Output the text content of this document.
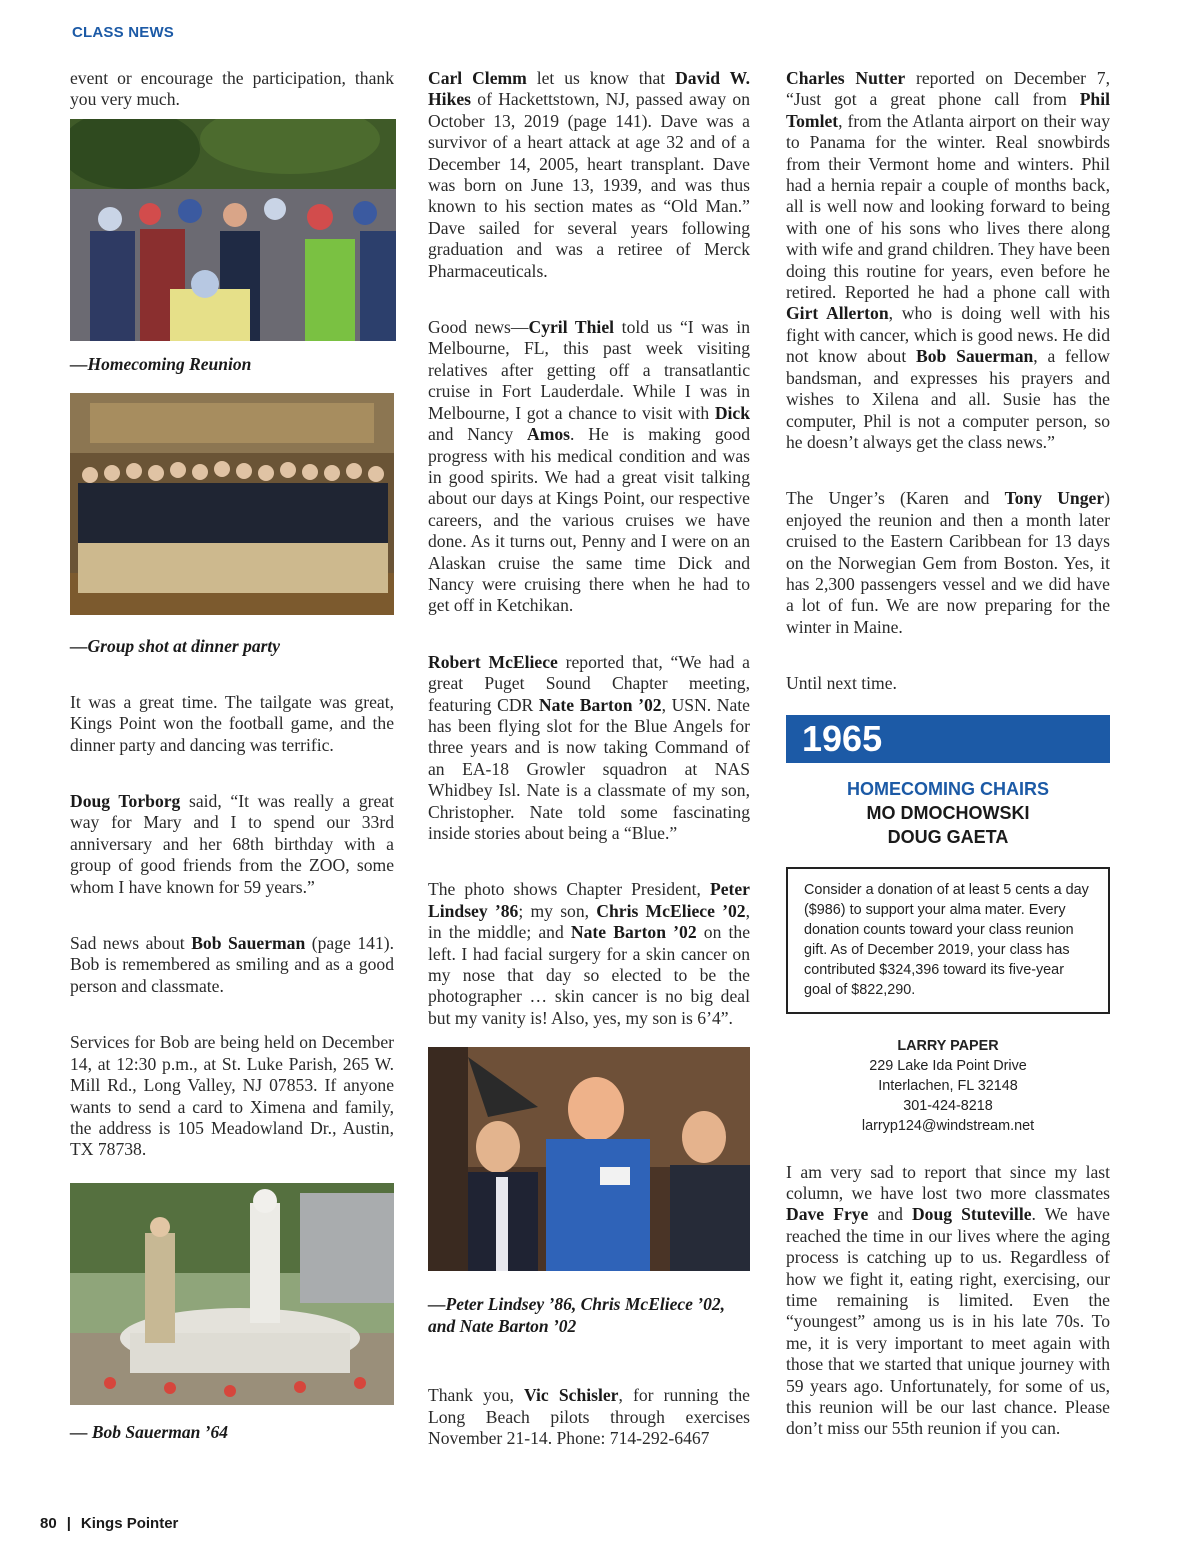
CLASS NEWS

event or encourage the participation, thank you very much.

—Homecoming Reunion
—Group shot at dinner party

It was a great time. The tailgate was great, Kings Point won the football game, and the dinner party and dancing was terrific.

Doug Torborg said, “It was really a great way for Mary and I to spend our 33rd anniversary and her 68th birthday with a group of good friends from the ZOO, some whom I have known for 59 years.”

Sad news about Bob Sauerman (page 141). Bob is remembered as smiling and as a good person and classmate.

Services for Bob are being held on December 14, at 12:30 p.m., at St. Luke Parish, 265 W. Mill Rd., Long Valley, NJ 07853. If anyone wants to send a card to Ximena and family, the address is 105 Meadowland Dr., Austin, TX 78738.

— Bob Sauerman ’64

Carl Clemm let us know that David W. Hikes of Hackettstown, NJ, passed away on October 13, 2019 (page 141). Dave was a survivor of a heart attack at age 32 and of a December 14, 2005, heart transplant. Dave was born on June 13, 1939, and was thus known to his section mates as “Old Man.” Dave sailed for several years following graduation and was a retiree of Merck Pharmaceuticals.

Good news—Cyril Thiel told us “I was in Melbourne, FL, this past week visiting relatives after getting off a transatlantic cruise in Fort Lauderdale. While I was in Melbourne, I got a chance to visit with Dick and Nancy Amos. He is making good progress with his medical condition and was in good spirits. We had a great visit talking about our days at Kings Point, our respective careers, and the various cruises we have done. As it turns out, Penny and I were on an Alaskan cruise the same time Dick and Nancy were cruising there when he had to get off in Ketchikan.

Robert McEliece reported that, “We had a great Puget Sound Chapter meeting, featuring CDR Nate Barton ’02, USN. Nate has been flying slot for the Blue Angels for three years and is now taking Command of an EA-18 Growler squadron at NAS Whidbey Isl. Nate is a classmate of my son, Christopher. Nate told some fascinating inside stories about being a “Blue.”

The photo shows Chapter President, Peter Lindsey ’86; my son, Chris McEliece ’02, in the middle; and Nate Barton ’02 on the left. I had facial surgery for a skin cancer on my nose that day so elected to be the photographer … skin cancer is no big deal but my vanity is! Also, yes, my son is 6’4”.

—Peter Lindsey ’86, Chris McEliece ’02, and Nate Barton ’02

Thank you, Vic Schisler, for running the Long Beach pilots through exercises November 21-14. Phone: 714-292-6467

Charles Nutter reported on December 7, “Just got a great phone call from Phil Tomlet, from the Atlanta airport on their way to Panama for the winter. Real snowbirds from their Vermont home and winters. Phil had a hernia repair a couple of months back, all is well now and looking forward to being with one of his sons who lives there along with wife and grand children. They have been doing this routine for years, even before he retired. Reported he had a phone call with Girt Allerton, who is doing well with his fight with cancer, which is good news. He did not know about Bob Sauerman, a fellow bandsman, and expresses his prayers and wishes to Xilena and all. Susie has the computer, Phil is not a computer person, so he doesn’t always get the class news.”

The Unger’s (Karen and Tony Unger) enjoyed the reunion and then a month later cruised to the Eastern Caribbean for 13 days on the Norwegian Gem from Boston. Yes, it has 2,300 passengers vessel and we did have a lot of fun. We are now preparing for the winter in Maine.

Until next time.

1965
HOMECOMING CHAIRS
MO DMOCHOWSKI
DOUG GAETA
Consider a donation of at least 5 cents a day ($986) to support your alma mater. Every donation counts toward your class reunion gift. As of December 2019, your class has contributed $324,396 toward its five-year goal of $822,290.
LARRY PAPER
229 Lake Ida Point Drive
Interlachen, FL 32148
301-424-8218
larryp124@windstream.net

I am very sad to report that since my last column, we have lost two more classmates Dave Frye and Doug Stuteville. We have reached the time in our lives where the aging process is catching up to us. Regardless of how we fight it, eating right, exercising, our time remaining is limited. Even the “youngest” among us is in his late 70s. To me, it is very important to meet again with those that we started that unique journey with 59 years ago. Unfortunately, for some of us, this reunion will be our last chance. Please don’t miss our 55th reunion if you can.

80 | Kings Pointer
